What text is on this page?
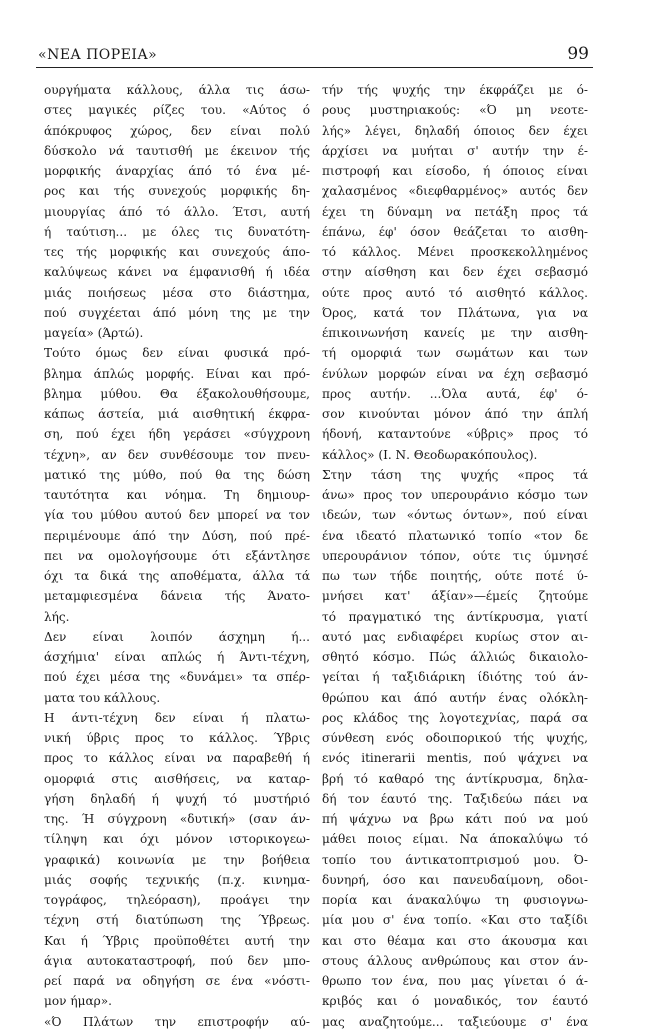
«ΝΕΑ ΠΟΡΕΙΑ»	99
ουργήματα κάλλους, άλλα τις άσω-
στες μαγικές ρίζες του. «Αύτος ό
άπόκρυφος χώρος, δεν είναι πολύ
δύσκολο νά ταυτισθή με έκεινον τής
μορφικής άναρχίας άπό τό ένα μέ-
ρος και τής συνεχούς μορφικής δη-
μιουργίας άπό τό άλλο. Έτσι, αυτή
ή ταύτιση... με όλες τις δυνατότη-
τες τής μορφικής και συνεχούς άπο-
καλύψεως κάνει να έμφανισθή ή ιδέα
μιάς ποιήσεως μέσα στο διάστημα,
πού συγχέεται άπό μόνη της με την
μαγεία» (Άρτώ).
Τούτο όμως δεν είναι φυσικά πρό-
βλημα άπλώς μορφής. Είναι και πρό-
βλημα μύθου. Θα έξακολουθήσουμε,
κάπως άστεία, μιά αισθητική έκφρα-
ση, πού έχει ήδη γεράσει «σύγχρονη
τέχνη», αν δεν συνθέσουμε τον πνευ-
ματικό της μύθο, πού θα της δώση
ταυτότητα και νόημα. Τη δημιουρ-
γία του μύθου αυτού δεν μπορεί να τον
περιμένουμε άπό την Δύση, πού πρέ-
πει να ομολογήσουμε ότι εξάντλησε
όχι τα δικά της αποθέματα, άλλα τά
μεταμφιεσμένα δάνεια τής Άνατο-
λής.
Δεν είναι λοιπόν άσχημη ή...
άσχήμια' είναι απλώς ή Άντι-τέχνη,
πού έχει μέσα της «δυνάμει» τα σπέρ-
ματα του κάλλους.
Η άντι-τέχνη δεν είναι ή πλατω-
νική ύβρις προς το κάλλος. Ύβρις
προς το κάλλος είναι να παραβεθή ή
ομορφιά στις αισθήσεις, να καταρ-
γήση δηλαδή ή ψυχή τό μυστήριό
της. Ή σύγχρονη «δυτική» (σαν άν-
τίληψη και όχι μόνον ιστορικογεω-
γραφικά) κοινωνία με την βοήθεια
μιάς σοφής τεχνικής (π.χ. κινημα-
τογράφος, τηλεόραση), προάγει την
τέχνη στή διατύπωση της Ύβρεως.
Και ή Ύβρις προϋποθέτει αυτή την
άγια αυτοκαταστροφή, πού δεν μπο-
ρεί παρά να οδηγήση σε ένα «νόστι-
μον ήμαρ».
«Ό Πλάτων την επιστροφήν αύ-
τήν τής ψυχής την έκφράζει με ό-
ρους μυστηριακούς: «Ό μη νεοτε-
λής» λέγει, δηλαδή όποιος δεν έχει
άρχίσει να μυήται σ' αυτήν την έ-
πιστροφή και είσοδο, ή όποιος είναι
χαλασμένος «διεφθαρμένος» αυτός δεν
έχει τη δύναμη να πετάξη προς τά
έπάνω, έφ' όσον θεάζεται το αισθη-
τό κάλλος. Μένει προσκεκολλημένος
στην αίσθηση και δεν έχει σεβασμό
ούτε προς αυτό τό αισθητό κάλλος.
Όρος, κατά τον Πλάτωνα, για να
έπικοινωνήση κανείς με την αισθη-
τή ομορφιά των σωμάτων και των
ένύλων μορφών είναι να έχη σεβασμό
προς αυτήν. ...Όλα αυτά, έφ' ό-
σον κινούνται μόνον άπό την άπλή
ήδονή, καταντούνε «ύβρις» προς τό
κάλλος» (Ι. Ν. Θεοδωρακόπουλος).
Στην τάση της ψυχής «προς τά
άνω» προς τον υπερουράνιο κόσμο των
ιδεών, των «όντως όντων», πού είναι
ένα ιδεατό πλατωνικό τοπίο «τον δε
υπερουράνιον τόπον, ούτε τις ύμνησέ
πω των τήδε ποιητής, ούτε ποτέ ύ-
μνήσει κατ' άξίαν»—έμείς ζητούμε
τό πραγματικό της άντίκρυσμα, γιατί
αυτό μας ενδιαφέρει κυρίως στον αι-
σθητό κόσμο. Πώς άλλιώς δικαιολο-
γείται ή ταξιδιάρικη ίδιότης τού άν-
θρώπου και άπό αυτήν ένας ολόκλη-
ρος κλάδος της λογοτεχνίας, παρά σα
σύνθεση ενός οδοιπορικού τής ψυχής,
ενός itinerarii mentis, πού ψάχνει να
βρή τό καθαρό της άντίκρυσμα, δηλα-
δή τον έαυτό της. Ταξιδεύω πάει να
πή ψάχνω να βρω κάτι πού να μού
μάθει ποιος είμαι. Να άποκαλύψω τό
τοπίο του άντικατοπτρισμού μου. Ό-
δυνηρή, όσο και πανευδαίμονη, οδοι-
πορία και άνακαλύψω τη φυσιογνω-
μία μου σ' ένα τοπίο. «Και στο ταξίδι
και στο θέαμα και στο άκουσμα και
στους άλλους ανθρώπους και στον άν-
θρωπο τον ένα, που μας γίνεται ό ά-
κριβός και ό μοναδικός, τον έαυτό
μας αναζητούμε... ταξιεύουμε σ' ένα
